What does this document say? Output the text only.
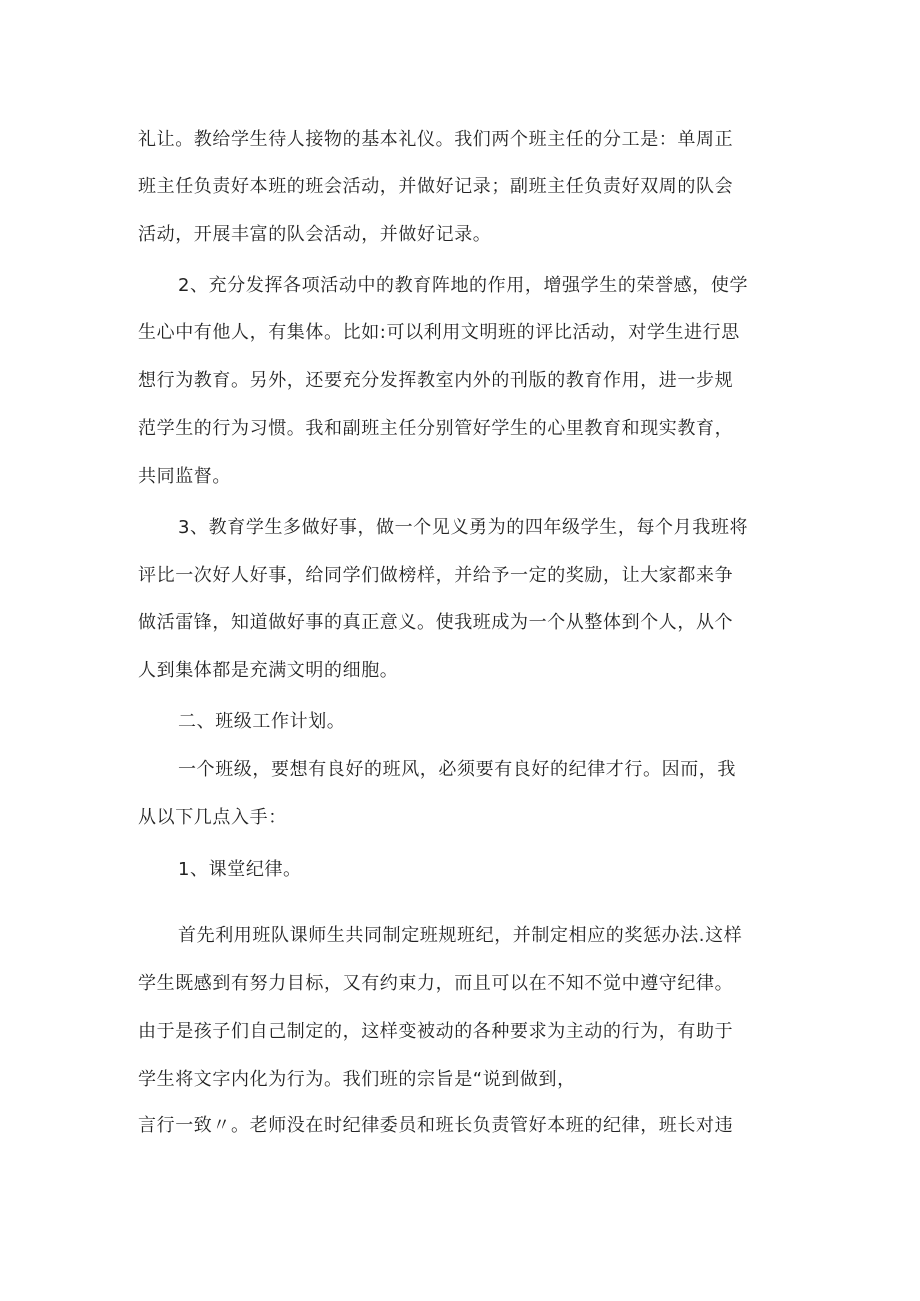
礼让。教给学生待人接物的基本礼仪。我们两个班主任的分工是：单周正
班主任负责好本班的班会活动，并做好记录；副班主任负责好双周的队会
活动，开展丰富的队会活动，并做好记录。
2、充分发挥各项活动中的教育阵地的作用，增强学生的荣誉感，使学
生心中有他人，有集体。比如:可以利用文明班的评比活动，对学生进行思
想行为教育。另外，还要充分发挥教室内外的刊版的教育作用，进一步规
范学生的行为习惯。我和副班主任分别管好学生的心里教育和现实教育，
共同监督。
3、教育学生多做好事，做一个见义勇为的四年级学生，每个月我班将
评比一次好人好事，给同学们做榜样，并给予一定的奖励，让大家都来争
做活雷锋，知道做好事的真正意义。使我班成为一个从整体到个人，从个
人到集体都是充满文明的细胞。
二、班级工作计划。
一个班级，要想有良好的班风，必须要有良好的纪律才行。因而，我
从以下几点入手：
1、课堂纪律。
首先利用班队课师生共同制定班规班纪，并制定相应的奖惩办法.这样
学生既感到有努力目标，又有约束力，而且可以在不知不觉中遵守纪律。
由于是孩子们自己制定的，这样变被动的各种要求为主动的行为，有助于
学生将文字内化为行为。我们班的宗旨是“说到做到，
言行一致〃。老师没在时纪律委员和班长负责管好本班的纪律，班长对违
